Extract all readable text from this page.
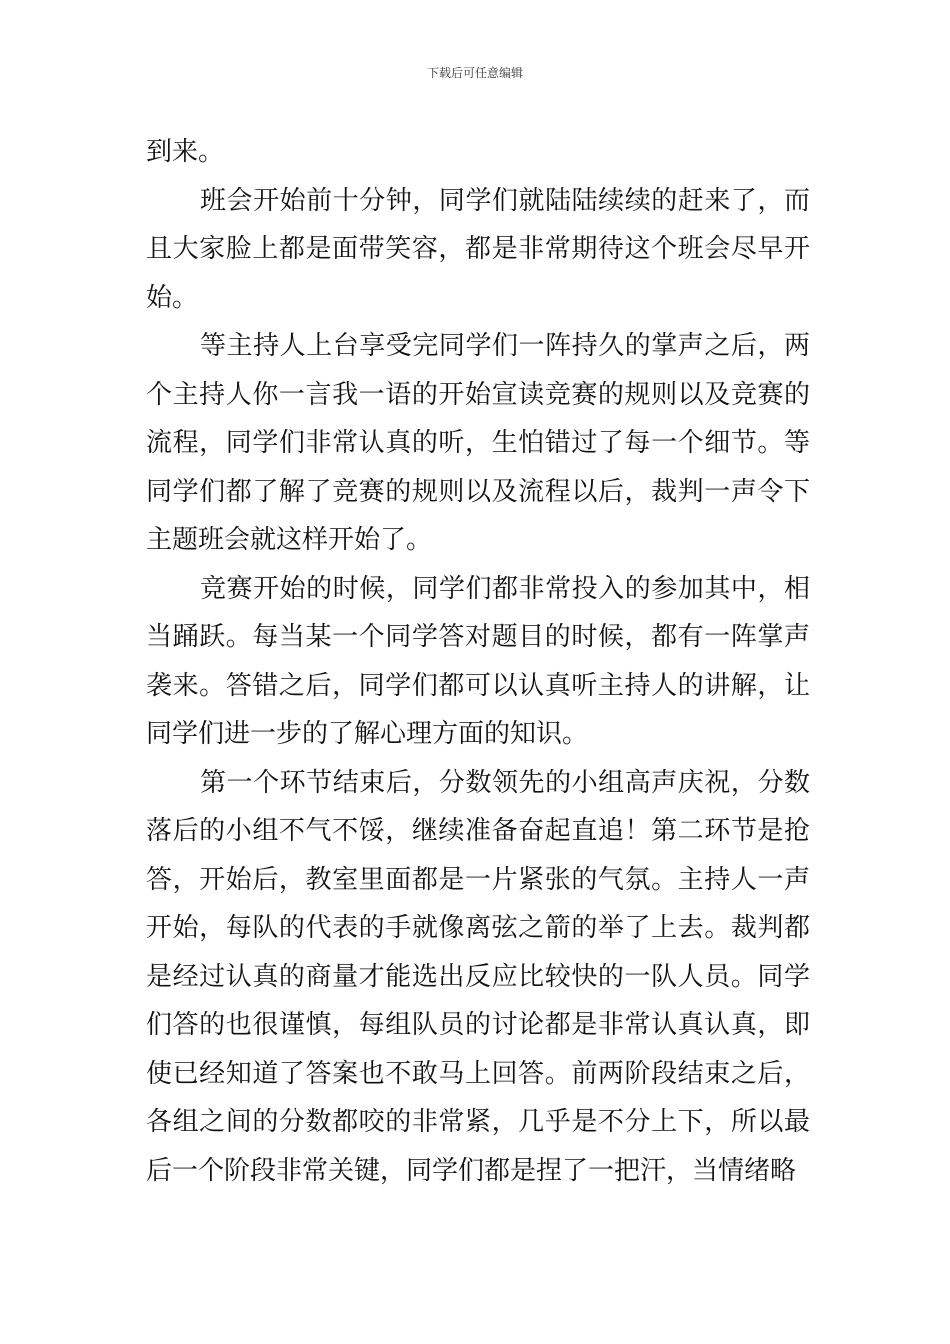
下载后可任意编辑

到来。

班会开始前十分钟，同学们就陆陆续续的赶来了，而且大家脸上都是面带笑容，都是非常期待这个班会尽早开始。

等主持人上台享受完同学们一阵持久的掌声之后，两个主持人你一言我一语的开始宣读竞赛的规则以及竞赛的流程，同学们非常认真的听，生怕错过了每一个细节。等同学们都了解了竞赛的规则以及流程以后，裁判一声令下主题班会就这样开始了。

竞赛开始的时候，同学们都非常投入的参加其中，相当踊跃。每当某一个同学答对题目的时候，都有一阵掌声袭来。答错之后，同学们都可以认真听主持人的讲解，让同学们进一步的了解心理方面的知识。

第一个环节结束后，分数领先的小组高声庆祝，分数落后的小组不气不馁，继续准备奋起直追！第二环节是抢答，开始后，教室里面都是一片紧张的气氛。主持人一声开始，每队的代表的手就像离弦之箭的举了上去。裁判都是经过认真的商量才能选出反应比较快的一队人员。同学们答的也很谨慎，每组队员的讨论都是非常认真认真，即使已经知道了答案也不敢马上回答。前两阶段结束之后，各组之间的分数都咬的非常紧，几乎是不分上下，所以最后一个阶段非常关键，同学们都是捏了一把汗，当情绪略
